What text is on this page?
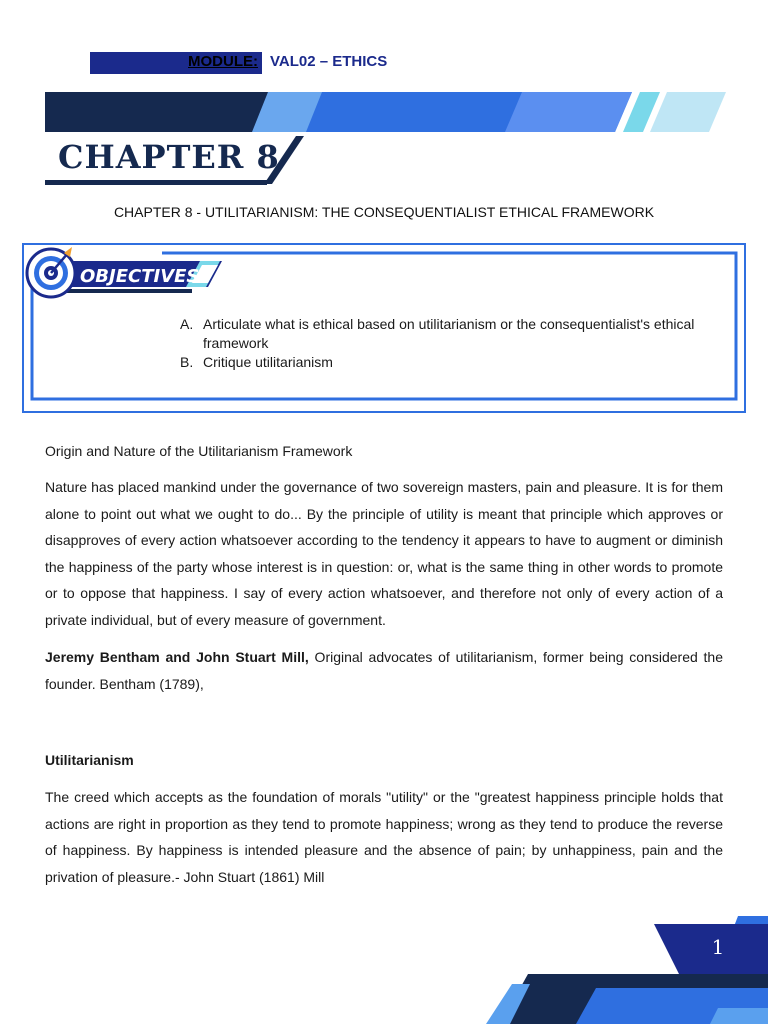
MODULE: VAL02 – ETHICS
CHAPTER 8
CHAPTER 8 - UTILITARIANISM: THE CONSEQUENTIALIST ETHICAL FRAMEWORK
OBJECTIVES
A. Articulate what is ethical based on utilitarianism or the consequentialist's ethical framework
B. Critique utilitarianism
Origin and Nature of the Utilitarianism Framework
Nature has placed mankind under the governance of two sovereign masters, pain and pleasure. It is for them alone to point out what we ought to do... By the principle of utility is meant that principle which approves or disapproves of every action whatsoever according to the tendency it appears to have to augment or diminish the happiness of the party whose interest is in question: or, what is the same thing in other words to promote or to oppose that happiness. I say of every action whatsoever, and therefore not only of every action of a private individual, but of every measure of government.
Jeremy Bentham and John Stuart Mill, Original advocates of utilitarianism, former being considered the founder. Bentham (1789),
Utilitarianism
The creed which accepts as the foundation of morals "utility" or the "greatest happiness principle holds that actions are right in proportion as they tend to promote happiness; wrong as they tend to produce the reverse of happiness. By happiness is intended pleasure and the absence of pain; by unhappiness, pain and the privation of pleasure.- John Stuart (1861) Mill
1
